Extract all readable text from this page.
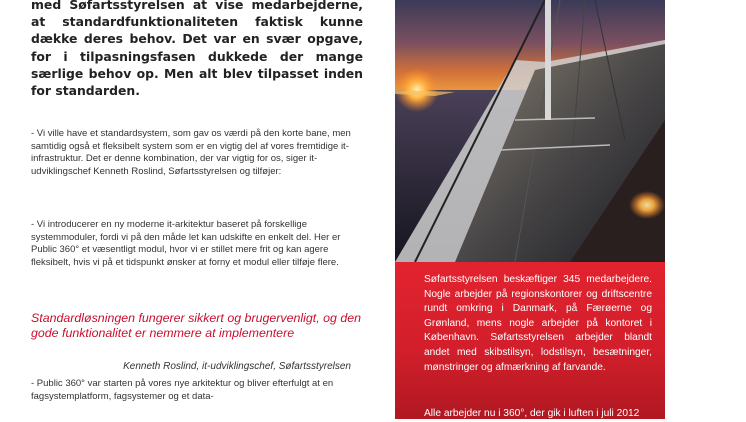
med Søfartsstyrelsen at vise medarbejderne,

at standardfunktionaliteten faktisk kunne

dække deres behov. Det var en svær opgave,

for i tilpasningsfasen dukkede der mange

særlige behov op. Men alt blev tilpasset inden

for standarden.

- Vi ville have et standardsystem, som gav os værdi på den korte bane, men samtidig også et fleksibelt system som er en vigtig del af vores fremtidige it-infrastruktur. Det er denne kombination, der var vigtig for os, siger it-udviklingschef Kenneth Roslind, Søfartsstyrelsen og tilføjer:

- Vi introducerer en ny moderne it-arkitektur baseret på forskellige systemmoduler, fordi vi på den måde let kan udskifte en enkelt del. Her er Public 360° et væsentligt modul, hvor vi er stillet mere frit og kan agere fleksibelt, hvis vi på et tidspunkt ønsker at forny et modul eller tilføje flere.

Standardløsningen fungerer sikkert og brugervenligt, og den gode funktionalitet er nemmere at implementere

Kenneth Roslind, it-udviklingschef, Søfartsstyrelsen

- Public 360° var starten på vores nye arkitektur og bliver efterfulgt at en fagsystemplatform, fagsystemer og et data-

Søfartsstyrelsen beskæftiger 345 medarbejdere. Nogle arbejder på regionskontorer og driftscentre rundt omkring i Danmark, på Færøerne og Grønland, mens nogle arbejder på kontoret i København. Søfartsstyrelsen arbejder blandt andet med skibstilsyn, lodstilsyn, besætninger, mønstringer og afmærkning af farvande.

Alle arbejder nu i 360°, der gik i luften i juli 2012
